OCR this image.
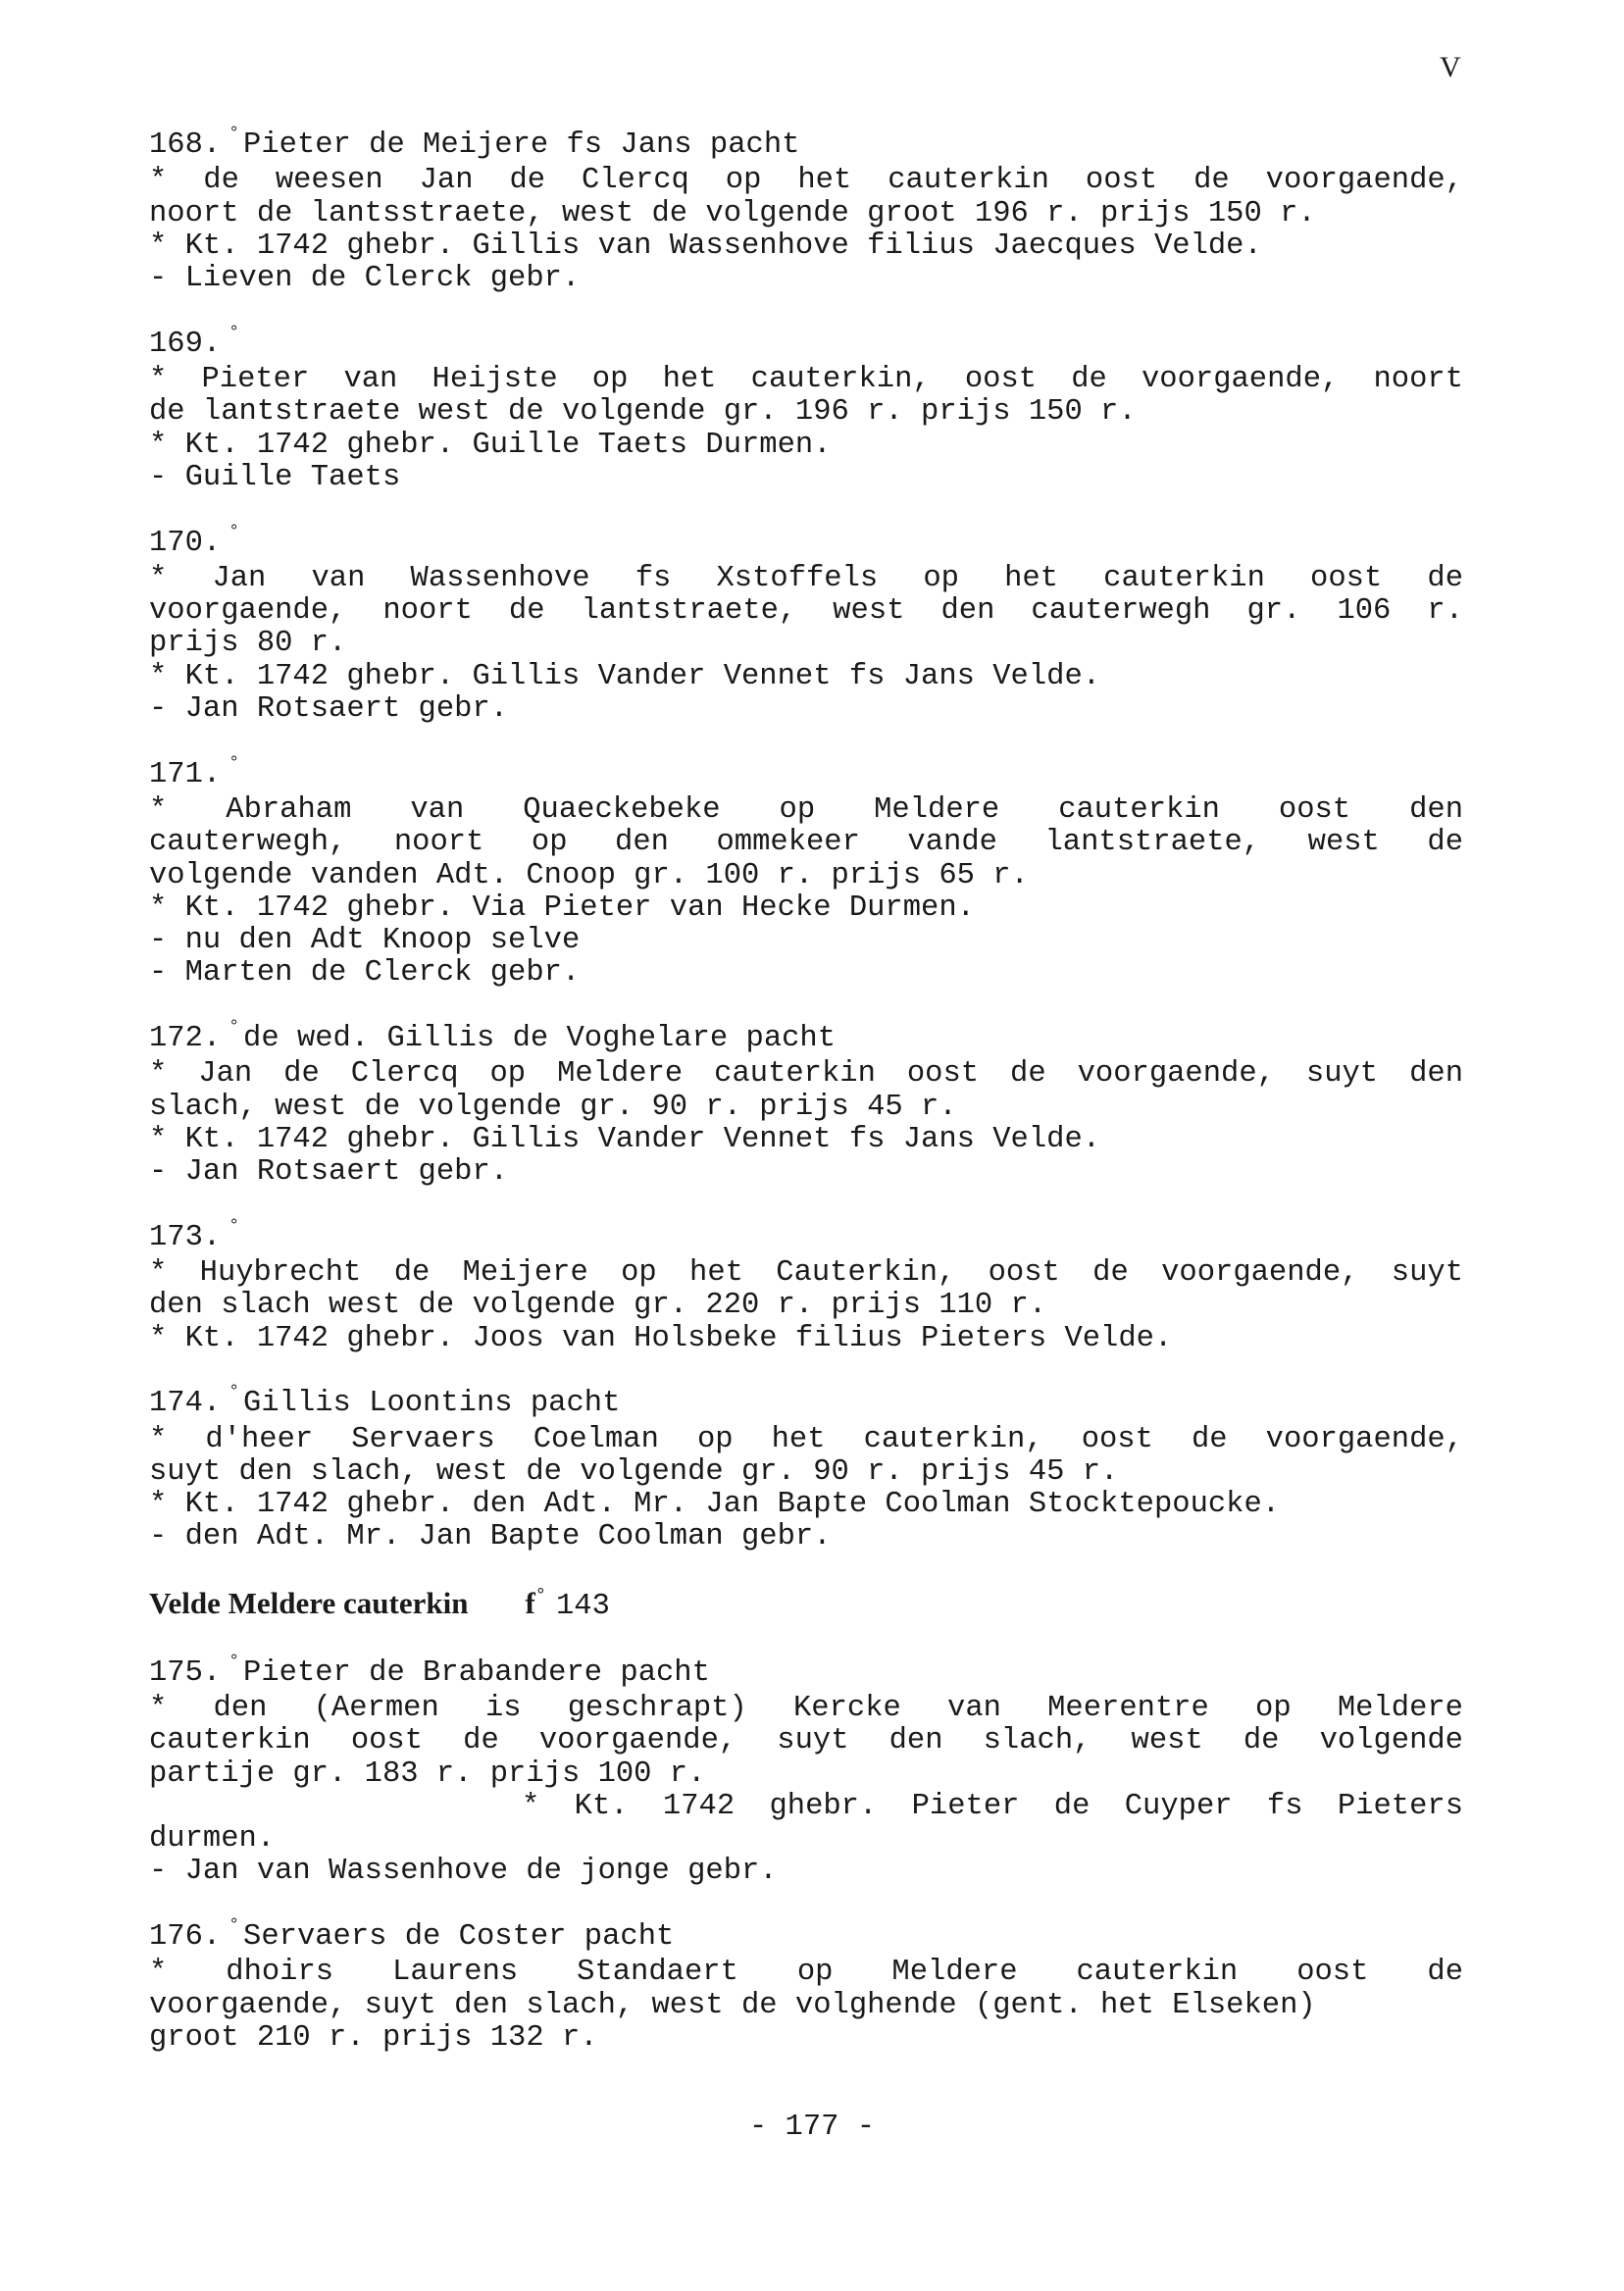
V
168. ° Pieter de Meijere fs Jans pacht
* de weesen Jan de Clercq op het cauterkin oost de voorgaende,
noort de lantsstraete, west de volgende groot 196 r. prijs 150 r.
* Kt. 1742 ghebr. Gillis van Wassenhove filius Jaecques Velde.
- Lieven de Clerck gebr.
169. °
* Pieter van Heijste op het cauterkin, oost de voorgaende, noort
de lantstraete west de volgende gr. 196 r. prijs 150 r.
* Kt. 1742 ghebr. Guille Taets Durmen.
- Guille Taets
170. °
* Jan van Wassenhove fs Xstoffels op het cauterkin oost de
voorgaende, noort de lantstraete, west den cauterwegh gr. 106 r.
prijs 80 r.
* Kt. 1742 ghebr. Gillis Vander Vennet fs Jans Velde.
- Jan Rotsaert gebr.
171. °
* Abraham van Quaeckebeke op Meldere cauterkin oost den
cauterwegh, noort op den ommekeer vande lantstraete, west de
volgende vanden Adt. Cnoop gr. 100 r. prijs 65 r.
* Kt. 1742 ghebr. Via Pieter van Hecke Durmen.
- nu den Adt Knoop selve
- Marten de Clerck gebr.
172. ° de wed. Gillis de Voghelare pacht
* Jan de Clercq op Meldere cauterkin oost de voorgaende, suyt den
slach, west de volgende gr. 90 r. prijs 45 r.
* Kt. 1742 ghebr. Gillis Vander Vennet fs Jans Velde.
- Jan Rotsaert gebr.
173. °
* Huybrecht de Meijere op het Cauterkin, oost de voorgaende, suyt
den slach west de volgende gr. 220 r. prijs 110 r.
* Kt. 1742 ghebr. Joos van Holsbeke filius Pieters Velde.
174. ° Gillis Loontins pacht
* d'heer Servaers Coelman op het cauterkin, oost de voorgaende,
suyt den slach, west de volgende gr. 90 r. prijs 45 r.
* Kt. 1742 ghebr. den Adt. Mr. Jan Bapte Coolman Stocktepoucke.
- den Adt. Mr. Jan Bapte Coolman gebr.
Velde Meldere cauterkin f ° 143
175. ° Pieter de Brabandere pacht
* den (Aermen is geschrapt) Kercke van Meerentre op Meldere
cauterkin oost de voorgaende, suyt den slach, west de volgende
partije gr. 183 r. prijs 100 r.
* Kt. 1742 ghebr. Pieter de Cuyper fs Pieters
durmen.
- Jan van Wassenhove de jonge gebr.
176. ° Servaers de Coster pacht
* dhoirs Laurens Standaert op Meldere cauterkin oost de
voorgaende, suyt den slach, west de volghende (gent. het Elseken)
groot 210 r. prijs 132 r.
- 177 -
